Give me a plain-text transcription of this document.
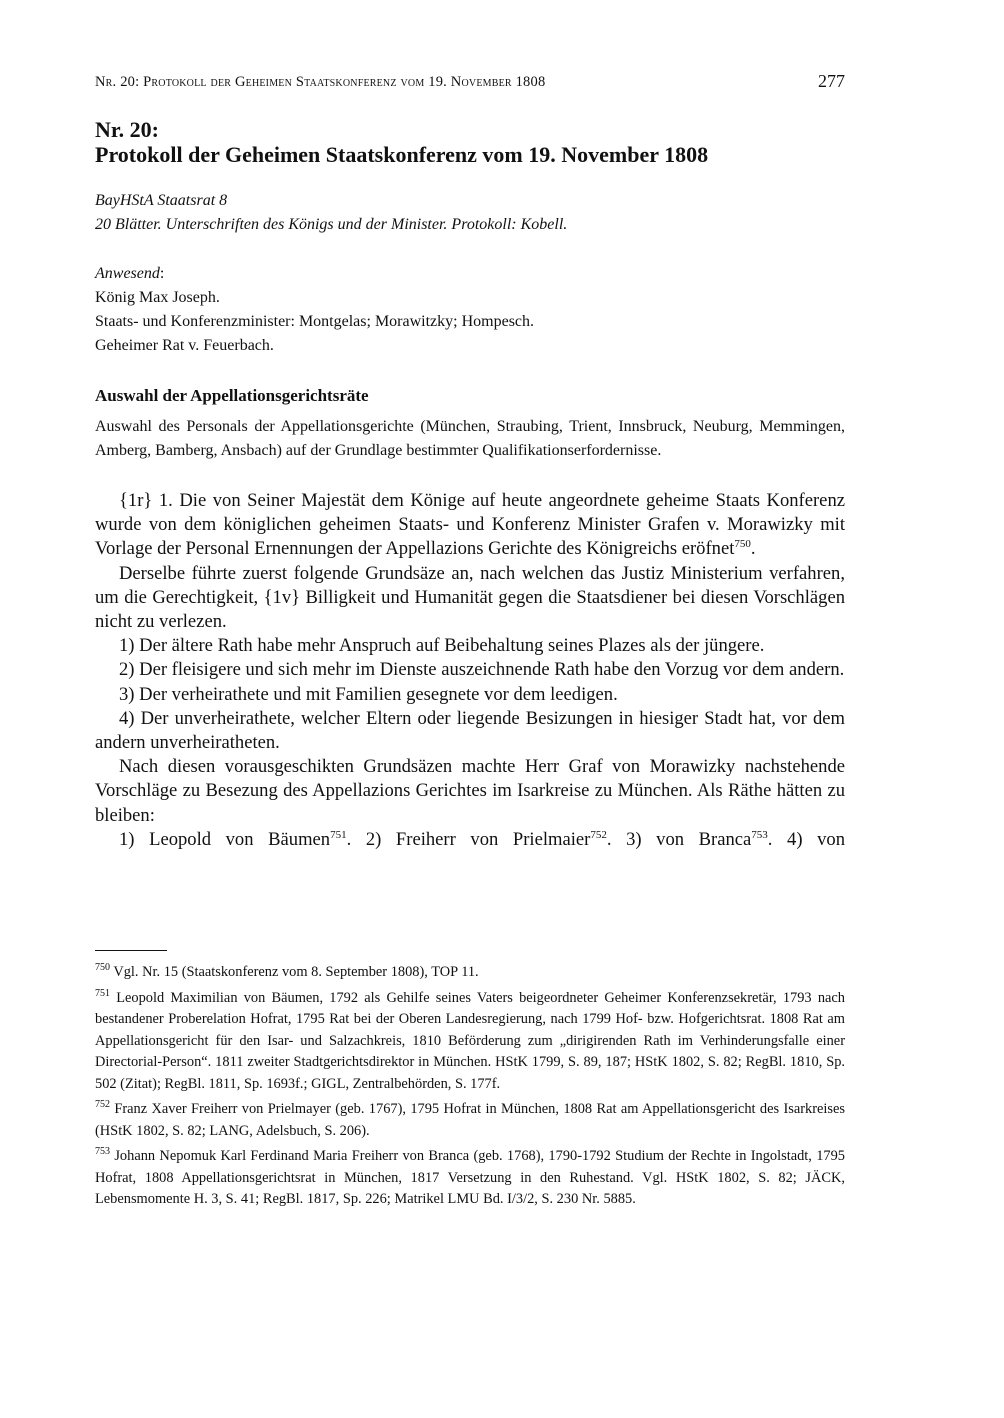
Nr. 20: Protokoll der Geheimen Staatskonferenz vom 19. November 1808	277
Nr. 20:
Protokoll der Geheimen Staatskonferenz vom 19. November 1808
BayHStA Staatsrat 8
20 Blätter. Unterschriften des Königs und der Minister. Protokoll: Kobell.
Anwesend:
König Max Joseph.
Staats- und Konferenzminister: Montgelas; Morawitzky; Hompesch.
Geheimer Rat v. Feuerbach.
Auswahl der Appellationsgerichtsräte

Auswahl des Personals der Appellationsgerichte (München, Straubing, Trient, Innsbruck, Neuburg, Memmingen, Amberg, Bamberg, Ansbach) auf der Grundlage bestimmter Qualifikationserfordernisse.

{1r} 1. Die von Seiner Majestät dem Könige auf heute angeordnete geheime Staats Konferenz wurde von dem königlichen geheimen Staats- und Konferenz Minister Grafen v. Morawizky mit Vorlage der Personal Ernennungen der Appellazions Gerichte des Königreichs eröfnet$^{750}$.

Derselbe führte zuerst folgende Grundsäze an, nach welchen das Justiz Ministerium verfahren, um die Gerechtigkeit, {1v} Billigkeit und Humanität gegen die Staatsdiener bei diesen Vorschlägen nicht zu verlezen.

1) Der ältere Rath habe mehr Anspruch auf Beibehaltung seines Plazes als der jüngere.

2) Der fleisigere und sich mehr im Dienste auszeichnende Rath habe den Vorzug vor dem andern.

3) Der verheirathete und mit Familien gesegnete vor dem leedigen.

4) Der unverheirathete, welcher Eltern oder liegende Besizungen in hiesiger Stadt hat, vor dem andern unverheiratheten.

Nach diesen vorausgeschikten Grundsäzen machte Herr Graf von Morawizky nachstehende Vorschläge zu Besezung des Appellazions Gerichtes im Isarkreise zu München. Als Räthe hätten zu bleiben:

1) Leopold von Bäumen$^{751}$. 2) Freiherr von Prielmaier$^{752}$. 3) von Branca$^{753}$. 4) von

$^{750}$ Vgl. Nr. 15 (Staatskonferenz vom 8. September 1808), TOP 11.

$^{751}$ Leopold Maximilian von Bäumen, 1792 als Gehilfe seines Vaters beigeordneter Geheimer Konferenzsekretär, 1793 nach bestandener Proberelation Hofrat, 1795 Rat bei der Oberen Landesregierung, nach 1799 Hof- bzw. Hofgerichtsrat. 1808 Rat am Appellationsgericht für den Isar- und Salzachkreis, 1810 Beförderung zum „dirigirenden Rath im Verhinderungsfalle einer Directorial-Person“. 1811 zweiter Stadtgerichtsdirektor in München. HStK 1799, S. 89, 187; HStK 1802, S. 82; RegBl. 1810, Sp. 502 (Zitat); RegBl. 1811, Sp. 1693f.; GIGL, Zentralbehörden, S. 177f.

$^{752}$ Franz Xaver Freiherr von Prielmayer (geb. 1767), 1795 Hofrat in München, 1808 Rat am Appellationsgericht des Isarkreises (HStK 1802, S. 82; LANG, Adelsbuch, S. 206).

$^{753}$ Johann Nepomuk Karl Ferdinand Maria Freiherr von Branca (geb. 1768), 1790-1792 Studium der Rechte in Ingolstadt, 1795 Hofrat, 1808 Appellationsgerichtsrat in München, 1817 Versetzung in den Ruhestand. Vgl. HStK 1802, S. 82; JÄCK, Lebensmomente H. 3, S. 41; RegBl. 1817, Sp. 226; Matrikel LMU Bd. I/3/2, S. 230 Nr. 5885.
